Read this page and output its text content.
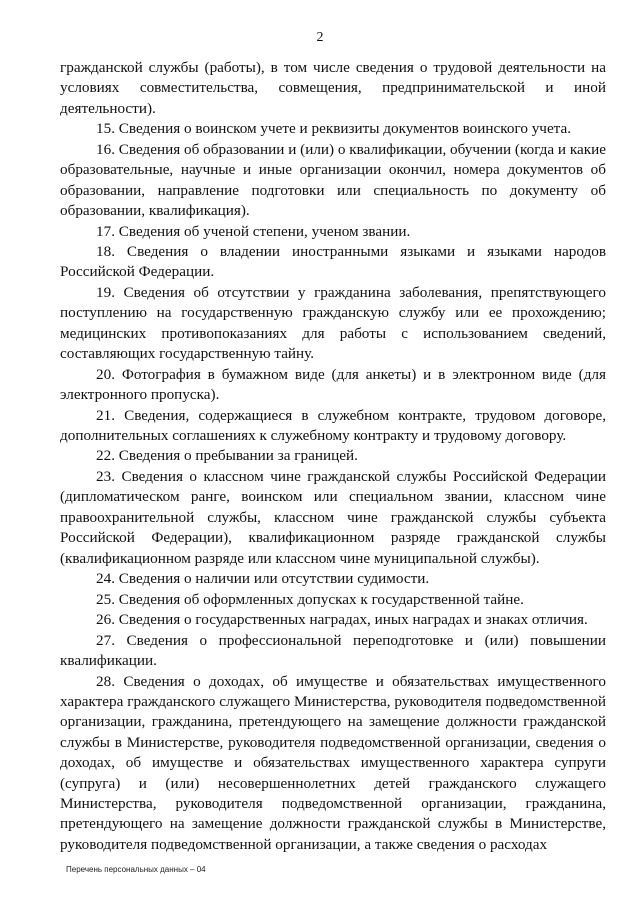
2

гражданской службы (работы), в том числе сведения о трудовой деятельности на условиях совместительства, совмещения, предпринимательской и иной деятельности).

15. Сведения о воинском учете и реквизиты документов воинского учета.

16. Сведения об образовании и (или) о квалификации, обучении (когда и какие образовательные, научные и иные организации окончил, номера документов об образовании, направление подготовки или специальность по документу об образовании, квалификация).

17. Сведения об ученой степени, ученом звании.

18. Сведения о владении иностранными языками и языками народов Российской Федерации.

19. Сведения об отсутствии у гражданина заболевания, препятствующего поступлению на государственную гражданскую службу или ее прохождению; медицинских противопоказаниях для работы с использованием сведений, составляющих государственную тайну.

20. Фотография в бумажном виде (для анкеты) и в электронном виде (для электронного пропуска).

21. Сведения, содержащиеся в служебном контракте, трудовом договоре, дополнительных соглашениях к служебному контракту и трудовому договору.

22. Сведения о пребывании за границей.

23. Сведения о классном чине гражданской службы Российской Федерации (дипломатическом ранге, воинском или специальном звании, классном чине правоохранительной службы, классном чине гражданской службы субъекта Российской Федерации), квалификационном разряде гражданской службы (квалификационном разряде или классном чине муниципальной службы).

24. Сведения о наличии или отсутствии судимости.

25. Сведения об оформленных допусках к государственной тайне.

26. Сведения о государственных наградах, иных наградах и знаках отличия.

27. Сведения о профессиональной переподготовке и (или) повышении квалификации.

28. Сведения о доходах, об имуществе и обязательствах имущественного характера гражданского служащего Министерства, руководителя подведомственной организации, гражданина, претендующего на замещение должности гражданской службы в Министерстве, руководителя подведомственной организации, сведения о доходах, об имуществе и обязательствах имущественного характера супруги (супруга) и (или) несовершеннолетних детей гражданского служащего Министерства, руководителя подведомственной организации, гражданина, претендующего на замещение должности гражданской службы в Министерстве, руководителя подведомственной организации, а также сведения о расходах

Перечень персональных данных – 04
